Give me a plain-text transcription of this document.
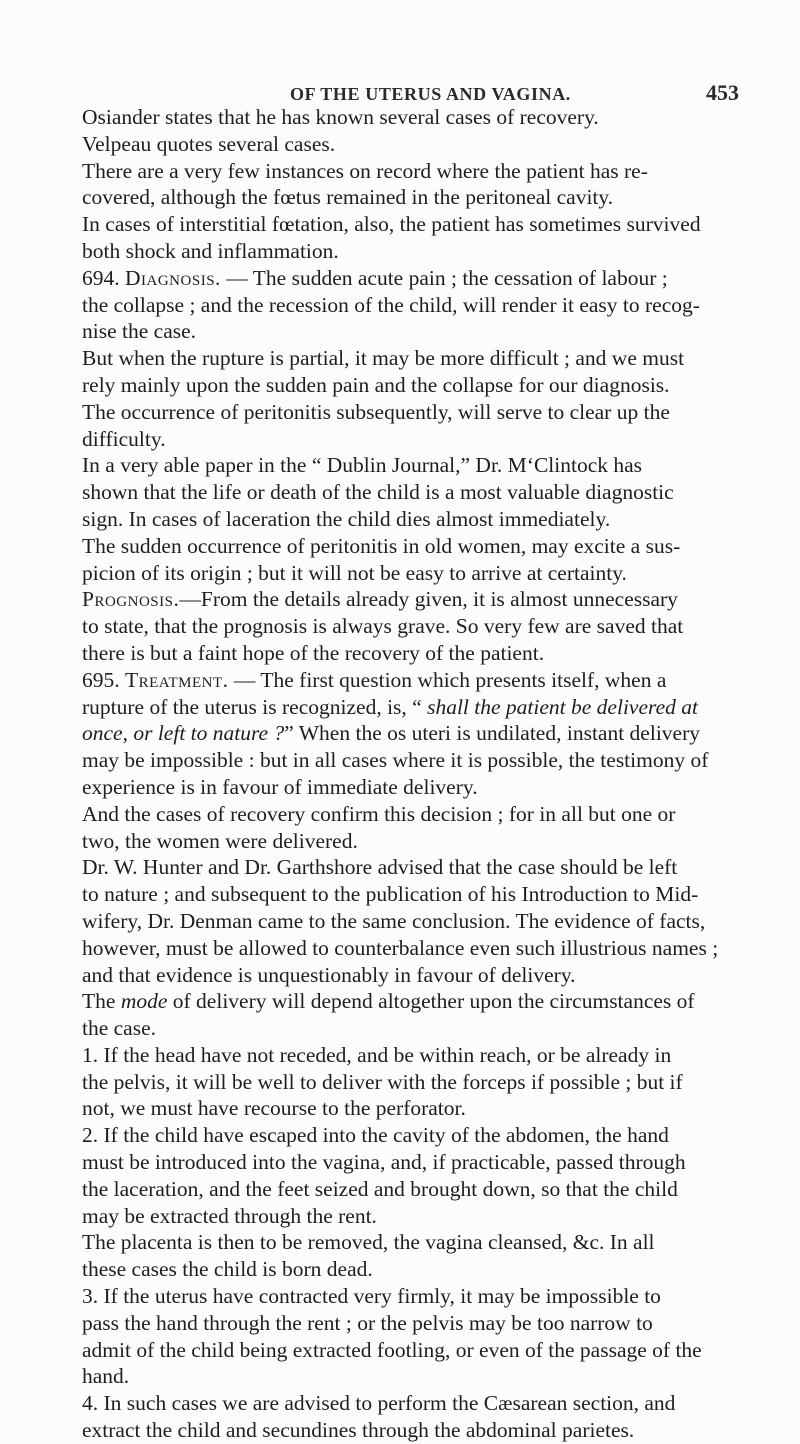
OF THE UTERUS AND VAGINA.	453
Osiander states that he has known several cases of recovery.
Velpeau quotes several cases.
There are a very few instances on record where the patient has re-
covered, although the fœtus remained in the peritoneal cavity.
In cases of interstitial fœtation, also, the patient has sometimes survived
both shock and inflammation.
694. Diagnosis. — The sudden acute pain ; the cessation of labour ;
the collapse ; and the recession of the child, will render it easy to recog-
nise the case.
But when the rupture is partial, it may be more difficult ; and we must
rely mainly upon the sudden pain and the collapse for our diagnosis.
The occurrence of peritonitis subsequently, will serve to clear up the
difficulty.
In a very able paper in the “ Dublin Journal,” Dr. M‘Clintock has
shown that the life or death of the child is a most valuable diagnostic
sign. In cases of laceration the child dies almost immediately.
The sudden occurrence of peritonitis in old women, may excite a sus-
picion of its origin ; but it will not be easy to arrive at certainty.
Prognosis.—From the details already given, it is almost unnecessary
to state, that the prognosis is always grave. So very few are saved that
there is but a faint hope of the recovery of the patient.
695. Treatment. — The first question which presents itself, when a
rupture of the uterus is recognized, is, “ shall the patient be delivered at
once, or left to nature ?” When the os uteri is undilated, instant delivery
may be impossible : but in all cases where it is possible, the testimony of
experience is in favour of immediate delivery.
And the cases of recovery confirm this decision ; for in all but one or
two, the women were delivered.
Dr. W. Hunter and Dr. Garthshore advised that the case should be left
to nature ; and subsequent to the publication of his Introduction to Mid-
wifery, Dr. Denman came to the same conclusion. The evidence of facts,
however, must be allowed to counterbalance even such illustrious names ;
and that evidence is unquestionably in favour of delivery.
The mode of delivery will depend altogether upon the circumstances of
the case.
1. If the head have not receded, and be within reach, or be already in
the pelvis, it will be well to deliver with the forceps if possible ; but if
not, we must have recourse to the perforator.
2. If the child have escaped into the cavity of the abdomen, the hand
must be introduced into the vagina, and, if practicable, passed through
the laceration, and the feet seized and brought down, so that the child
may be extracted through the rent.
The placenta is then to be removed, the vagina cleansed, &c. In all
these cases the child is born dead.
3. If the uterus have contracted very firmly, it may be impossible to
pass the hand through the rent ; or the pelvis may be too narrow to
admit of the child being extracted footling, or even of the passage of the
hand.
4. In such cases we are advised to perform the Cæsarean section, and
extract the child and secundines through the abdominal parietes.
